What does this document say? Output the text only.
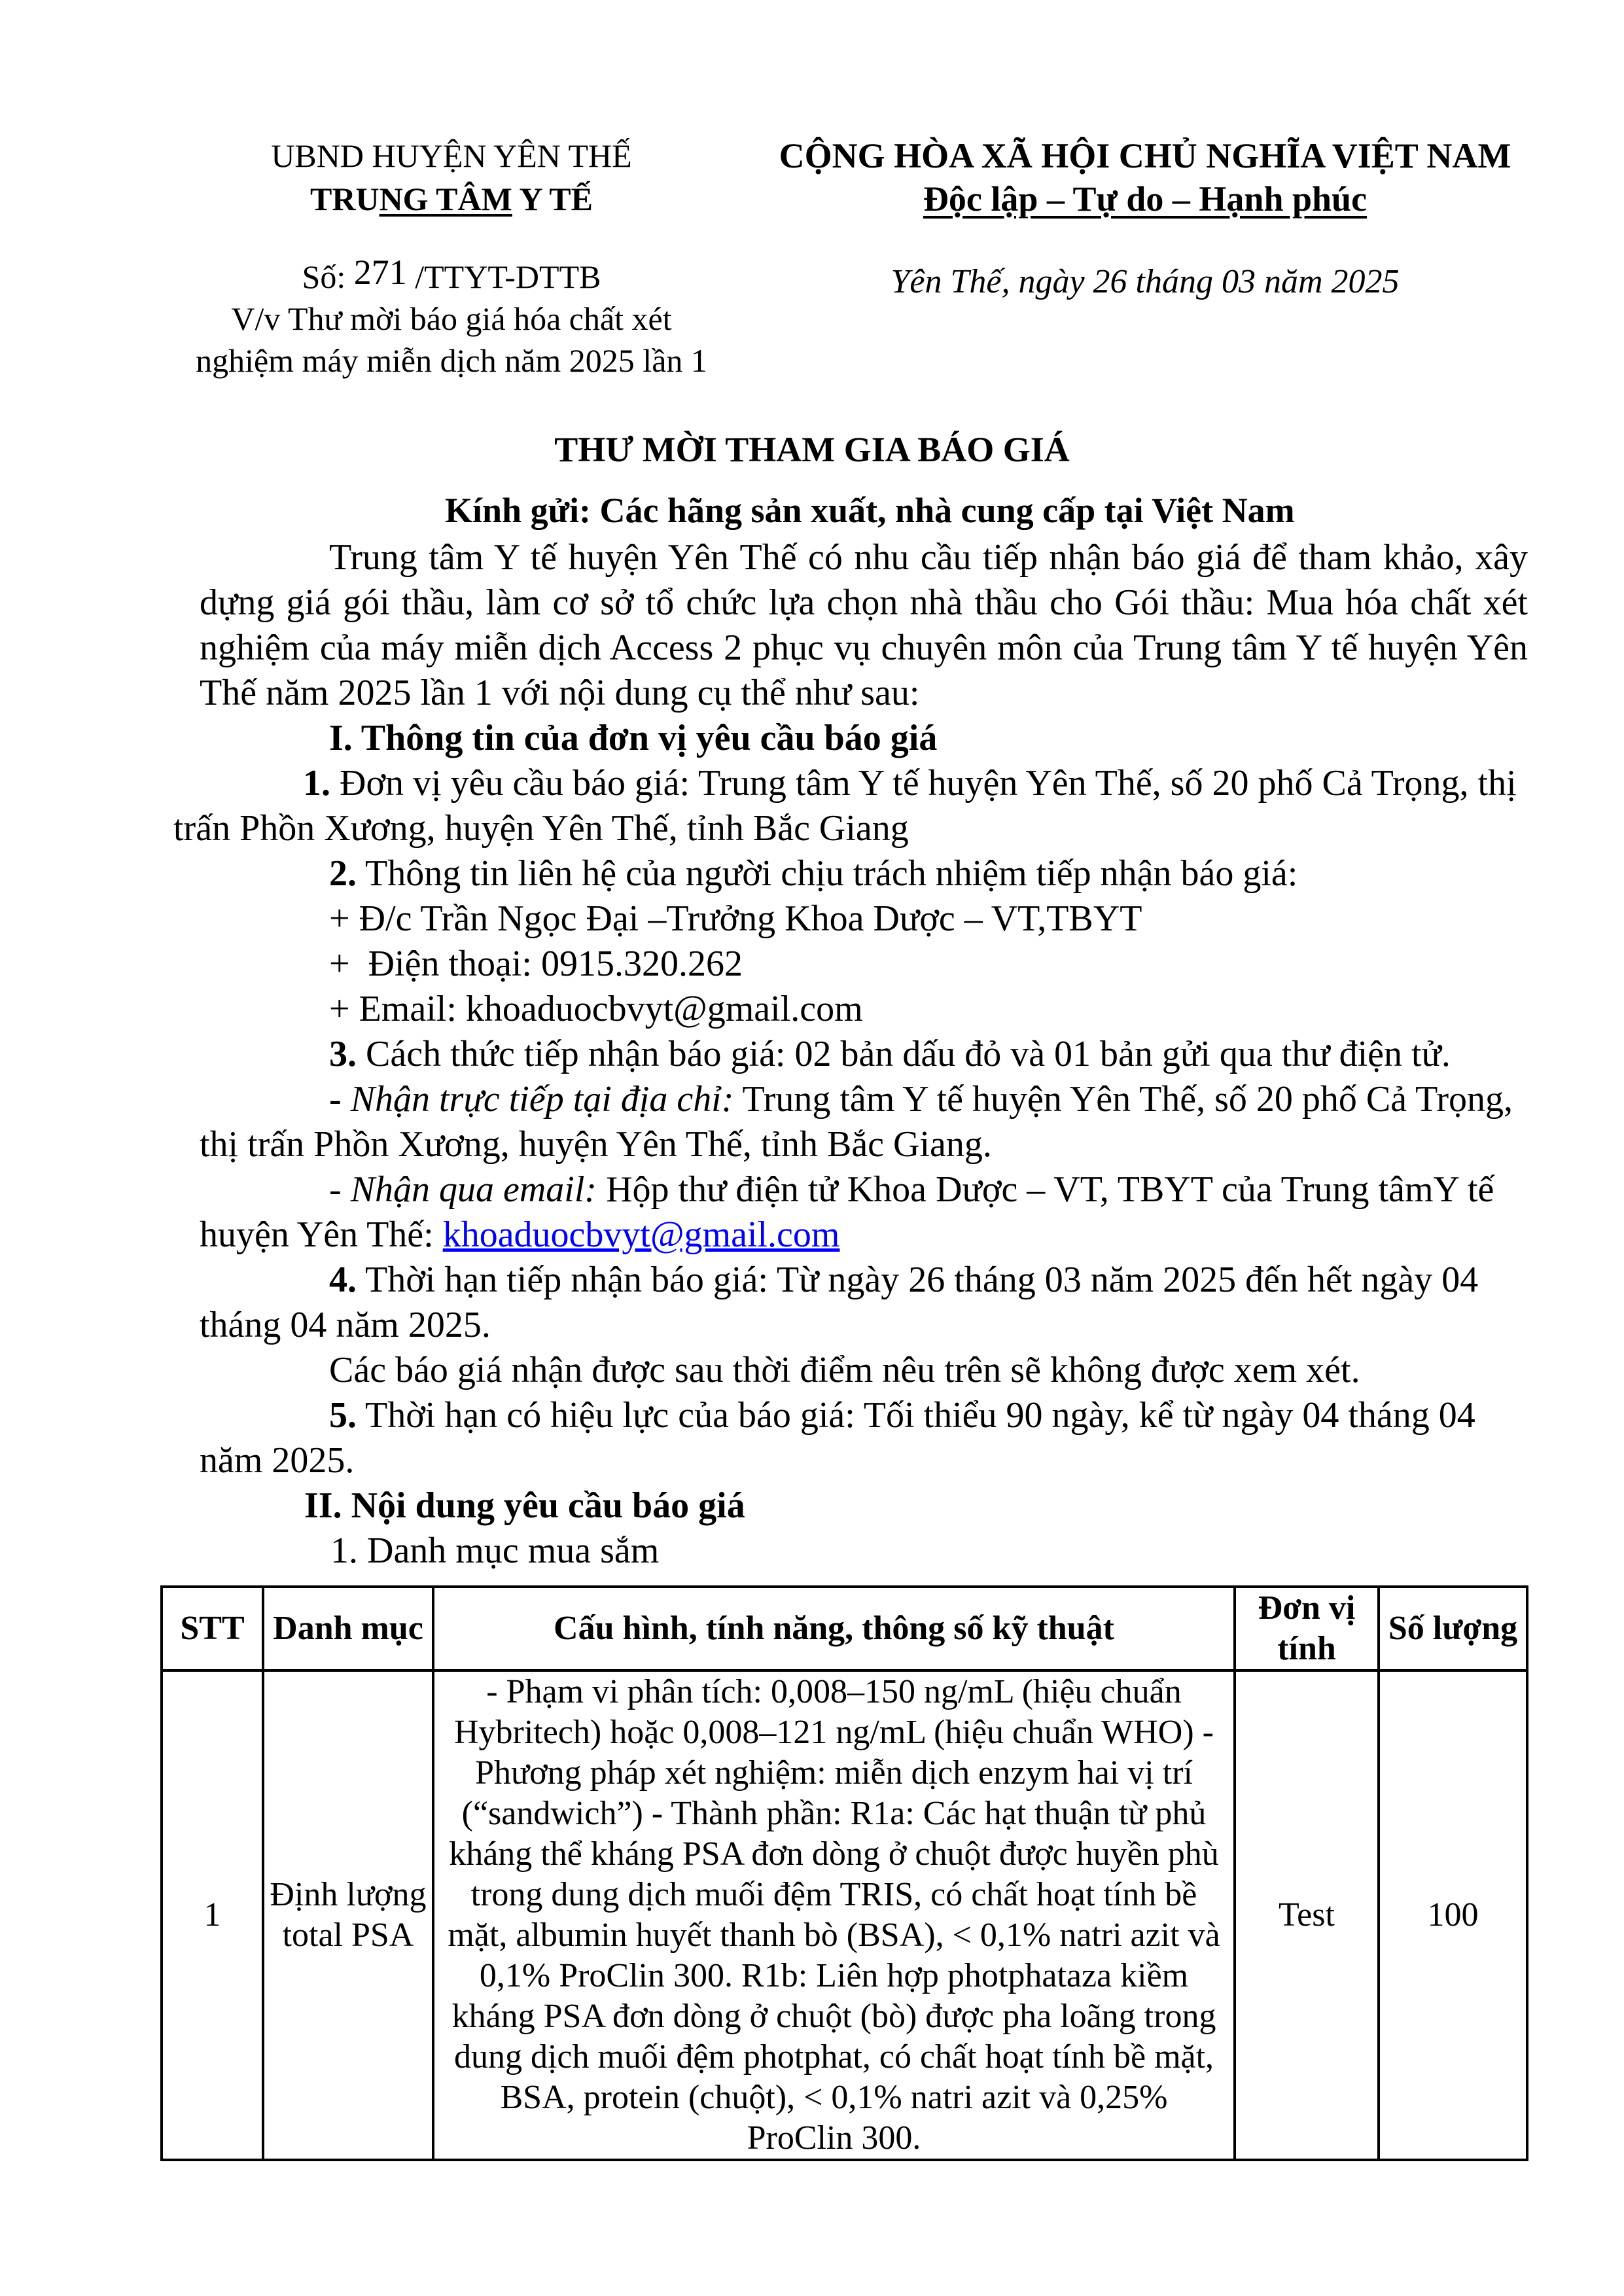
UBND HUYỆN YÊN THẾ
TRUNG TÂM Y TẾ
Số: 271 /TTYT-DTTB
V/v Thư mời báo giá hóa chất xét
nghiệm máy miễn dịch năm 2025 lần 1
CỘNG HÒA XÃ HỘI CHỦ NGHĨA VIỆT NAM
Độc lập – Tự do – Hạnh phúc
Yên Thế, ngày 26 tháng 03 năm 2025
THƯ MỜI THAM GIA BÁO GIÁ
Kính gửi: Các hãng sản xuất, nhà cung cấp tại Việt Nam

Trung tâm Y tế huyện Yên Thế có nhu cầu tiếp nhận báo giá để tham khảo, xây dựng giá gói thầu, làm cơ sở tổ chức lựa chọn nhà thầu cho Gói thầu: Mua hóa chất xét nghiệm của máy miễn dịch Access 2 phục vụ chuyên môn của Trung tâm Y tế huyện Yên Thế năm 2025 lần 1 với nội dung cụ thể như sau:

I. Thông tin của đơn vị yêu cầu báo giá

1. Đơn vị yêu cầu báo giá: Trung tâm Y tế huyện Yên Thế, số 20 phố Cả Trọng, thị trấn Phồn Xương, huyện Yên Thế, tỉnh Bắc Giang

2. Thông tin liên hệ của người chịu trách nhiệm tiếp nhận báo giá:

+ Đ/c Trần Ngọc Đại –Trưởng Khoa Dược – VT,TBYT

+  Điện thoại: 0915.320.262

+ Email: khoaduocbvyt@gmail.com

3. Cách thức tiếp nhận báo giá: 02 bản dấu đỏ và 01 bản gửi qua thư điện tử.

- Nhận trực tiếp tại địa chỉ: Trung tâm Y tế huyện Yên Thế, số 20 phố Cả Trọng, thị trấn Phồn Xương, huyện Yên Thế, tỉnh Bắc Giang.

- Nhận qua email: Hộp thư điện tử Khoa Dược – VT, TBYT của Trung tâmY tế huyện Yên Thế: khoaduocbvyt@gmail.com

4. Thời hạn tiếp nhận báo giá: Từ ngày 26 tháng 03 năm 2025 đến hết ngày 04 tháng 04 năm 2025.

Các báo giá nhận được sau thời điểm nêu trên sẽ không được xem xét.

5. Thời hạn có hiệu lực của báo giá: Tối thiểu 90 ngày, kể từ ngày 04 tháng 04 năm 2025.

II. Nội dung yêu cầu báo giá

1. Danh mục mua sắm

STT	Danh mục	Cấu hình, tính năng, thông số kỹ thuật	Đơn vị tính	Số lượng
1	Định lượng total PSA	- Phạm vi phân tích: 0,008–150 ng/mL (hiệu chuẩn Hybritech) hoặc 0,008–121 ng/mL (hiệu chuẩn WHO) - Phương pháp xét nghiệm: miễn dịch enzym hai vị trí (“sandwich”) - Thành phần: R1a: Các hạt thuận từ phủ kháng thể kháng PSA đơn dòng ở chuột được huyền phù trong dung dịch muối đệm TRIS, có chất hoạt tính bề mặt, albumin huyết thanh bò (BSA), < 0,1% natri azit và 0,1% ProClin 300. R1b: Liên hợp photphataza kiềm kháng PSA đơn dòng ở chuột (bò) được pha loãng trong dung dịch muối đệm photphat, có chất hoạt tính bề mặt, BSA, protein (chuột), < 0,1% natri azit và 0,25% ProClin 300.	Test	100
